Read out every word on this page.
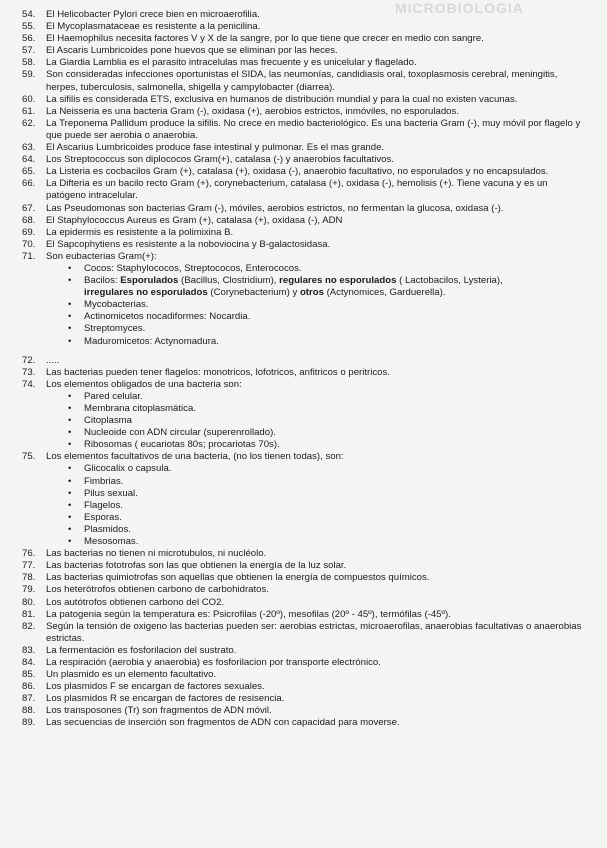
MICROBIOLOGIA
54.	El Helicobacter Pylori crece bien en microaerofilia.
55.	El Mycoplasmataceae es resistente a la penicilina.
56.	El Haemophilus necesita factores V y X de la sangre, por lo que tiene que crecer en medio con sangre.
57.	El Ascaris Lumbricoides pone huevos que se eliminan por las heces.
58.	La Giardia Lamblia es el parasito intracelulas mas frecuente y es unicelular y flagelado.
59.	Son consideradas infecciones oportunistas el SIDA, las neumonías, candidiasis oral, toxoplasmosis cerebral, meningitis,
herpes, tuberculosis, salmonella, shigella y campylobacter (diarrea).
60.	La sifilis es considerada ETS, exclusiva en humanos de distribución mundial y para la cual no existen vacunas.
61.	La Neisseria es una bacteria Gram (-), oxidasa (+), aerobios estrictos, inmóviles, no esporulados.
62.	La Treponema Pallidum produce la sifilis. No crece en medio bacteriológico. Es una bacteria Gram (-), muy móvil por flagelo y
que puede ser aerobia o anaerobia.
63.	El Ascarius Lumbricoides produce fase intestinal y pulmonar. Es el mas grande.
64.	Los Streptococcus son diplococos Gram(+), catalasa (-) y anaerobios facultativos.
65.	La Listeria es cocbacilos Gram (+), catalasa (+), oxidasa (-), anaerobio facultativo, no esporulados y no encapsulados.
66.	La Difteria es un bacilo recto Gram (+), corynebacterium, catalasa (+), oxidasa (-), hemolisis (+). Tiene vacuna y es un
patógeno intracelular.
67.	Las Pseudomonas son bacterias Gram (-), móviles, aerobios estrictos, no fermentan la glucosa, oxidasa (-).
68.	El Staphylococcus Aureus es Gram (+), catalasa (+), oxidasa (-), ADN
69.	La epidermis es resistente a la polimixina B.
70.	El Sapcophytiens es resistente a la noboviocina y B-galactosidasa.
71.	Son eubacterias Gram(+):
• Cocos: Staphylococos, Streptococos, Enterococos.
• Bacilos: Esporulados (Bacillus, Clostridium), regulares no esporulados ( Lactobacilos, Lysteria),
irregulares no esporulados (Corynebacterium) y otros (Actynomices, Garduerella).
• Mycobacterias.
• Actinomicetos nocadiformes: Nocardia.
• Streptomyces.
• Maduromicetos: Actynomadura.
72.	.....
73.	Las bacterias pueden tener flagelos: monotricos, lofotricos, anfitricos o peritricos.
74.	Los elementos obligados de una bacteria son:
• Pared celular.
• Membrana citoplasmática.
• Citoplasma
• Nucleoide con ADN circular (superenrollado).
• Ribosomas ( eucariotas 80s; procariotas 70s).
75.	Los elementos facultativos de una bacteria, (no los tienen todas), son:
• Glicocalix o capsula.
• Fimbrias.
• Pilus sexual.
• Flagelos.
• Esporas.
• Plasmidos.
• Mesosomas.
76.	Las bacterias no tienen ni microtubulos, ni nucléolo.
77.	Las bacterias fototrofas son las que obtienen la energía de la luz solar.
78.	Las bacterias quimiotrofas son aquellas que obtienen la energía de compuestos químicos.
79.	Los heterótrofos obtienen carbono de carbohidratos.
80.	Los autótrofos obtienen carbono del CO2.
81.	La patogenia según la temperatura es: Psicrofilas (-20º), mesofilas (20º - 45º), termófilas (-45º).
82.	Según la tensión de oxigeno las bacterias pueden ser: aerobias estrictas, microaerofilas, anaerobias facultativas o anaerobias
estrictas.
83.	La fermentación es fosforilacion del sustrato.
84.	La respiración (aerobia y anaerobia) es fosforilacion por transporte electrónico.
85.	Un plasmido es un elemento facultativo.
86.	Los plasmidos F se encargan de factores sexuales.
87.	Los plasmidos R se encargan de factores de resisencia.
88.	Los transposones (Tr) son fragmentos de ADN móvil.
89.	Las secuencias de inserción son fragmentos de ADN con capacidad para moverse.
